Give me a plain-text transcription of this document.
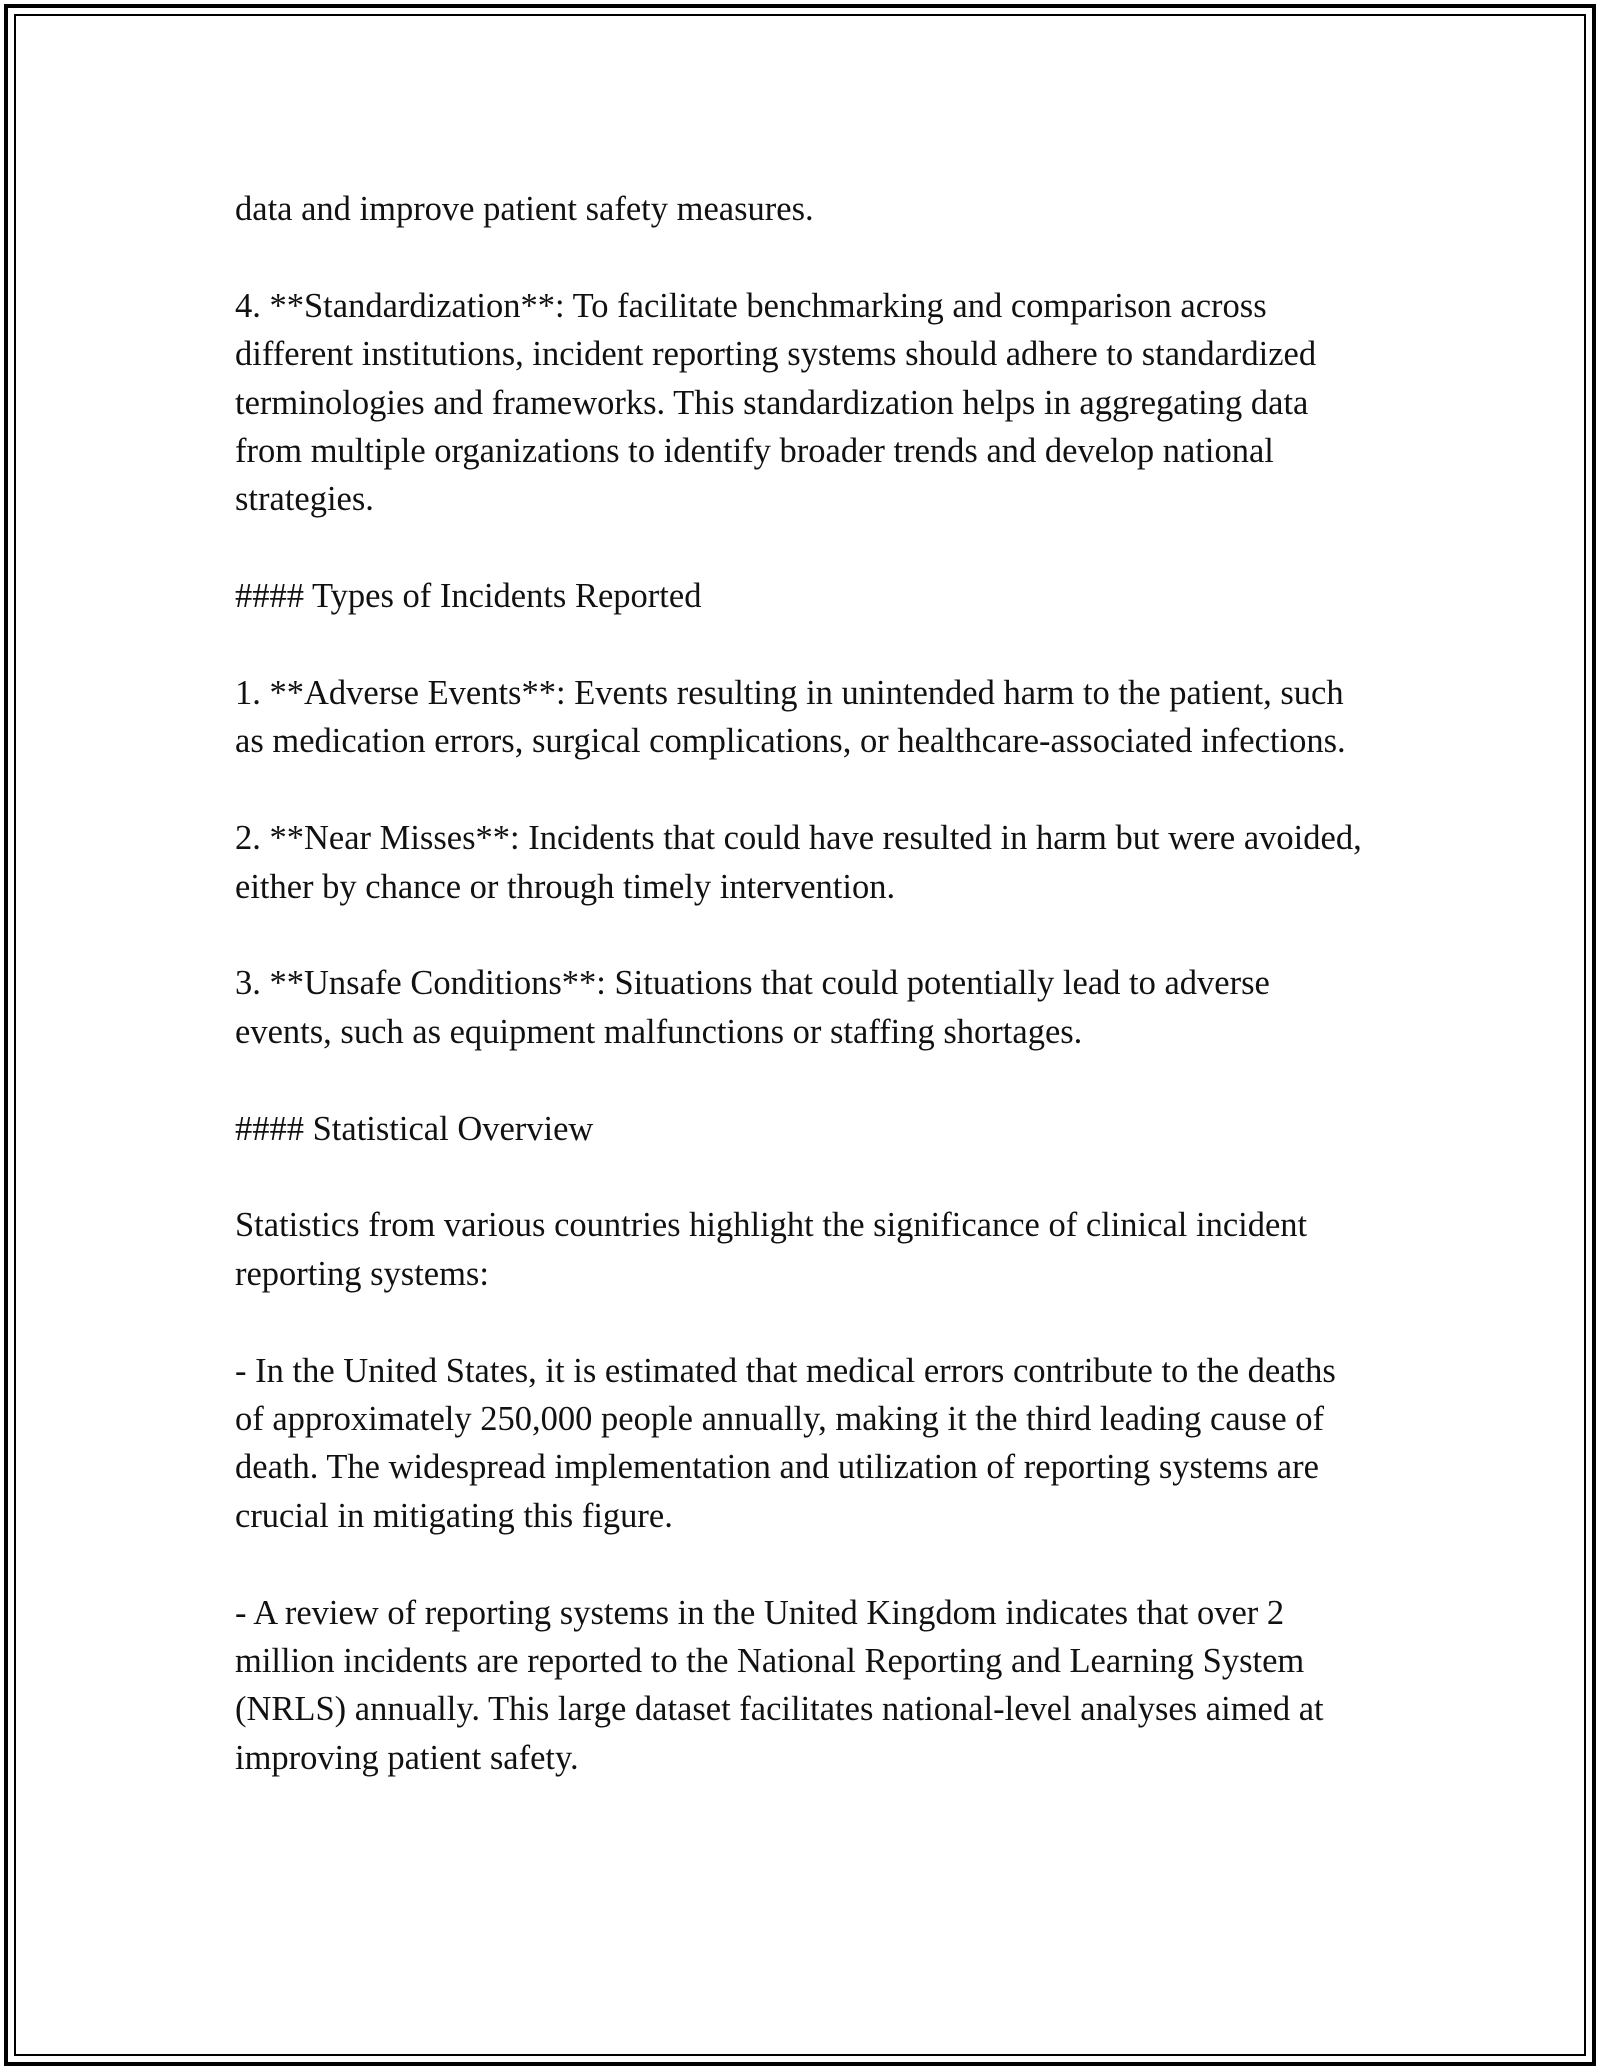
data and improve patient safety measures.

4. **Standardization**: To facilitate benchmarking and comparison across different institutions, incident reporting systems should adhere to standardized terminologies and frameworks. This standardization helps in aggregating data from multiple organizations to identify broader trends and develop national strategies.

#### Types of Incidents Reported

1. **Adverse Events**: Events resulting in unintended harm to the patient, such as medication errors, surgical complications, or healthcare-associated infections.

2. **Near Misses**: Incidents that could have resulted in harm but were avoided, either by chance or through timely intervention.

3. **Unsafe Conditions**: Situations that could potentially lead to adverse events, such as equipment malfunctions or staffing shortages.

#### Statistical Overview

Statistics from various countries highlight the significance of clinical incident reporting systems:

- In the United States, it is estimated that medical errors contribute to the deaths of approximately 250,000 people annually, making it the third leading cause of death. The widespread implementation and utilization of reporting systems are crucial in mitigating this figure.

- A review of reporting systems in the United Kingdom indicates that over 2 million incidents are reported to the National Reporting and Learning System (NRLS) annually. This large dataset facilitates national-level analyses aimed at improving patient safety.
